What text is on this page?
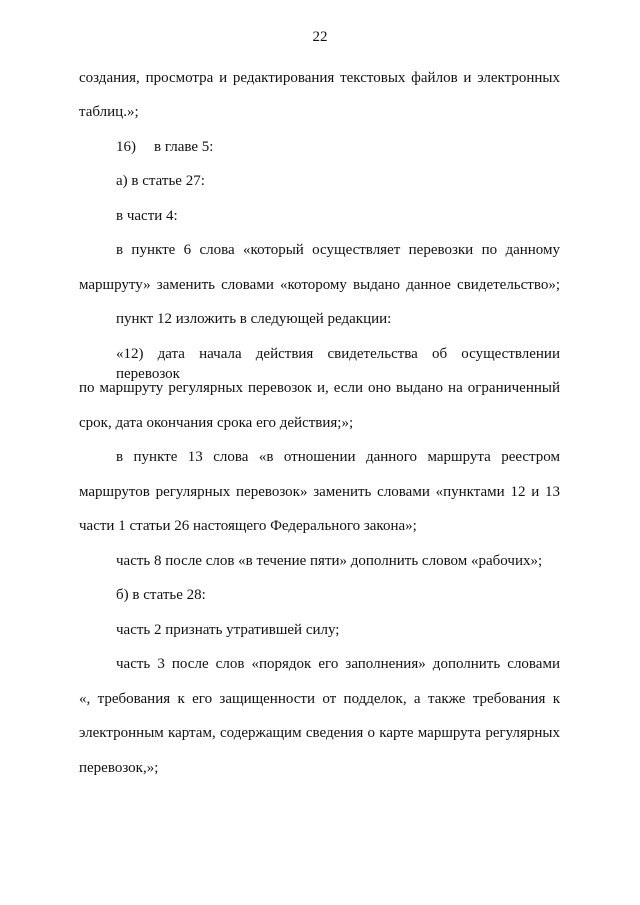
22
создания, просмотра и редактирования текстовых файлов и электронных
таблиц.»;
16) в главе 5:
а) в статье 27:
в части 4:
в пункте 6 слова «который осуществляет перевозки по данному
маршруту» заменить словами «которому выдано данное свидетельство»;
пункт 12 изложить в следующей редакции:
«12) дата начала действия свидетельства об осуществлении перевозок
по маршруту регулярных перевозок и, если оно выдано на ограниченный
срок, дата окончания срока его действия;»;
в пункте 13 слова «в отношении данного маршрута реестром
маршрутов регулярных перевозок» заменить словами «пунктами 12 и 13
части 1 статьи 26 настоящего Федерального закона»;
часть 8 после слов «в течение пяти» дополнить словом «рабочих»;
б) в статье 28:
часть 2 признать утратившей силу;
часть 3 после слов «порядок его заполнения» дополнить словами
«, требования к его защищенности от подделок, а также требования к
электронным картам, содержащим сведения о карте маршрута регулярных
перевозок,»;
